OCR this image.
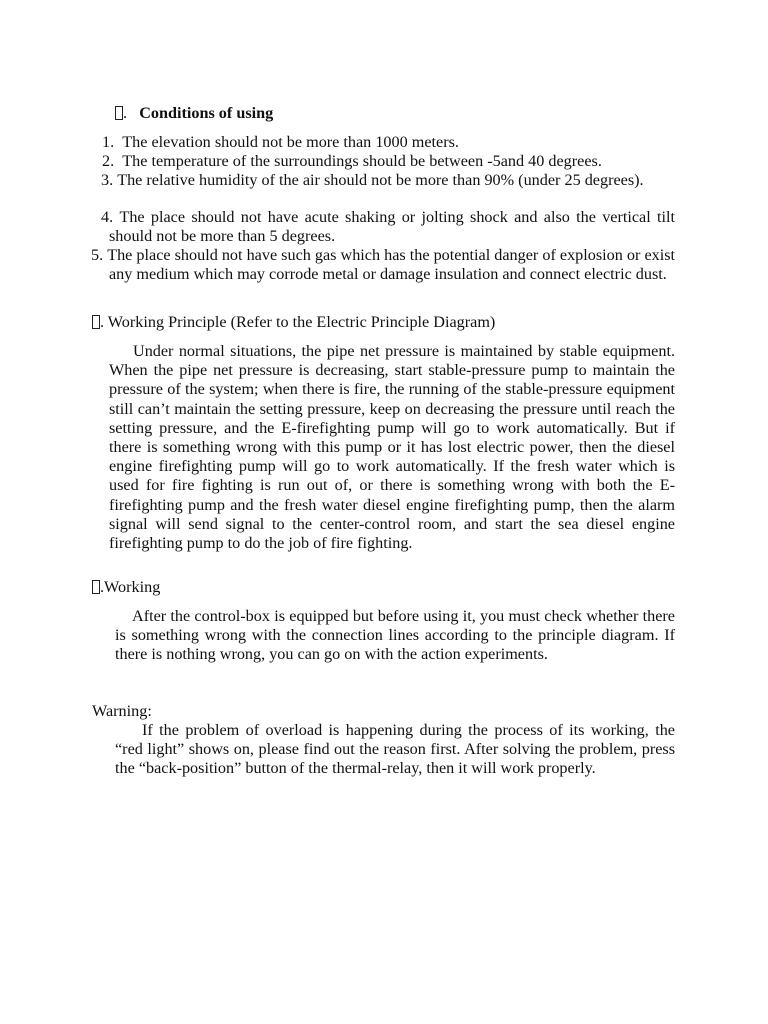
.   Conditions of using
1. The elevation should not be more than 1000 meters.
2. The temperature of the surroundings should be between -5and 40 degrees.
3. The relative humidity of the air should not be more than 90% (under 25 degrees).
4. The place should not have acute shaking or jolting shock and also the vertical tilt should not be more than 5 degrees.
5. The place should not have such gas which has the potential danger of explosion or exist any medium which may corrode metal or damage insulation and connect electric dust.
. Working Principle (Refer to the Electric Principle Diagram)
Under normal situations, the pipe net pressure is maintained by stable equipment. When the pipe net pressure is decreasing, start stable-pressure pump to maintain the pressure of the system; when there is fire, the running of the stable-pressure equipment still can’t maintain the setting pressure, keep on decreasing the pressure until reach the setting pressure, and the E-firefighting pump will go to work automatically. But if there is something wrong with this pump or it has lost electric power, then the diesel engine firefighting pump will go to work automatically. If the fresh water which is used for fire fighting is run out of, or there is something wrong with both the E-firefighting pump and the fresh water diesel engine firefighting pump, then the alarm signal will send signal to the center-control room, and start the sea diesel engine firefighting pump to do the job of fire fighting.
.Working
After the control-box is equipped but before using it, you must check whether there is something wrong with the connection lines according to the principle diagram. If there is nothing wrong, you can go on with the action experiments.
Warning:
If the problem of overload is happening during the process of its working, the “red light” shows on, please find out the reason first. After solving the problem, press the “back-position” button of the thermal-relay, then it will work properly.
